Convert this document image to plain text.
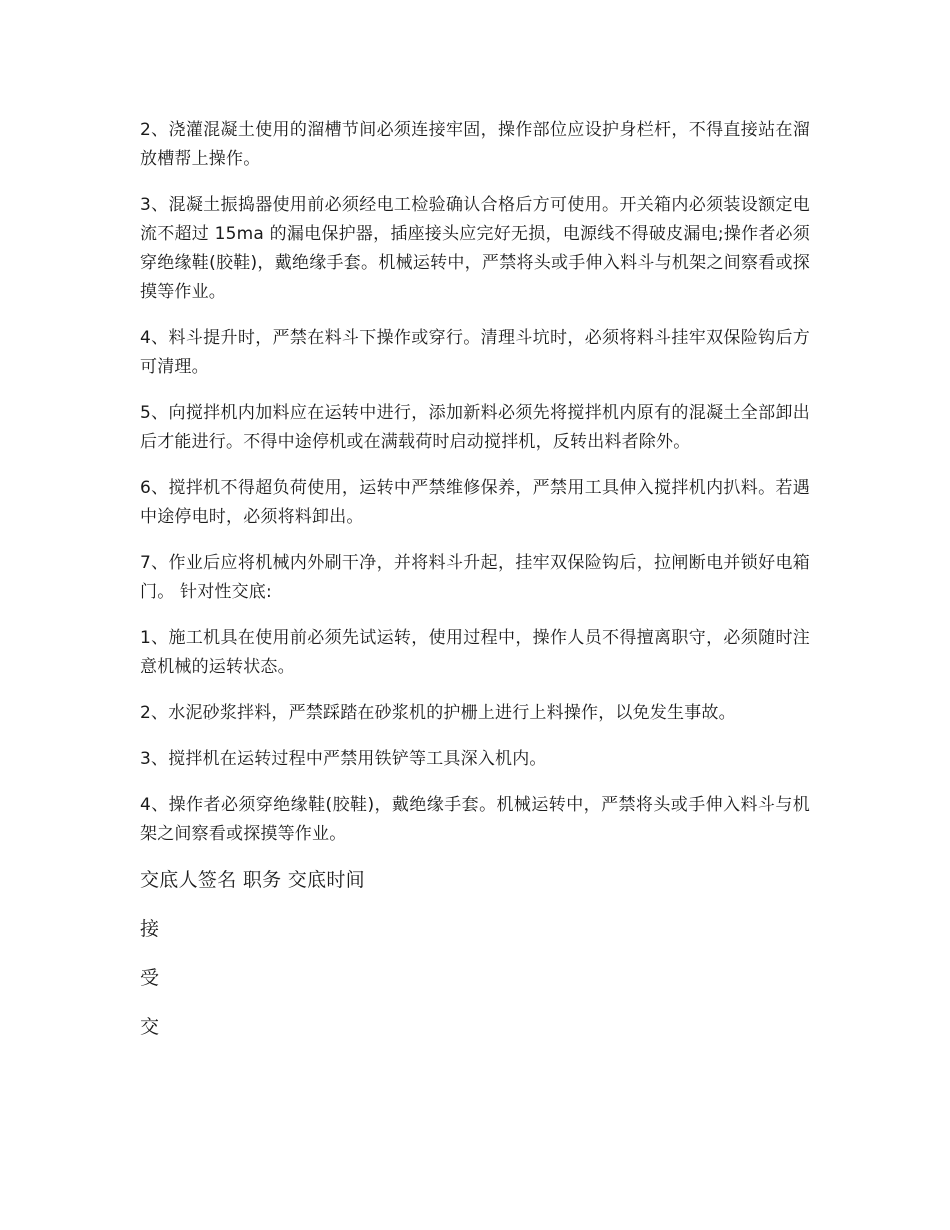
2、浇灌混凝土使用的溜槽节间必须连接牢固，操作部位应设护身栏杆，不得直接站在溜放槽帮上操作。

3、混凝土振捣器使用前必须经电工检验确认合格后方可使用。开关箱内必须装设额定电流不超过 15ma 的漏电保护器，插座接头应完好无损，电源线不得破皮漏电;操作者必须穿绝缘鞋(胶鞋)，戴绝缘手套。机械运转中，严禁将头或手伸入料斗与机架之间察看或探摸等作业。

4、料斗提升时，严禁在料斗下操作或穿行。清理斗坑时，必须将料斗挂牢双保险钩后方可清理。

5、向搅拌机内加料应在运转中进行，添加新料必须先将搅拌机内原有的混凝土全部卸出后才能进行。不得中途停机或在满载荷时启动搅拌机，反转出料者除外。

6、搅拌机不得超负荷使用，运转中严禁维修保养，严禁用工具伸入搅拌机内扒料。若遇中途停电时，必须将料卸出。

7、作业后应将机械内外刷干净，并将料斗升起，挂牢双保险钩后，拉闸断电并锁好电箱门。 针对性交底:

1、施工机具在使用前必须先试运转，使用过程中，操作人员不得擅离职守，必须随时注意机械的运转状态。

2、水泥砂浆拌料，严禁踩踏在砂浆机的护栅上进行上料操作，以免发生事故。

3、搅拌机在运转过程中严禁用铁铲等工具深入机内。

4、操作者必须穿绝缘鞋(胶鞋)，戴绝缘手套。机械运转中，严禁将头或手伸入料斗与机架之间察看或探摸等作业。

交底人签名 职务 交底时间
接
受
交
